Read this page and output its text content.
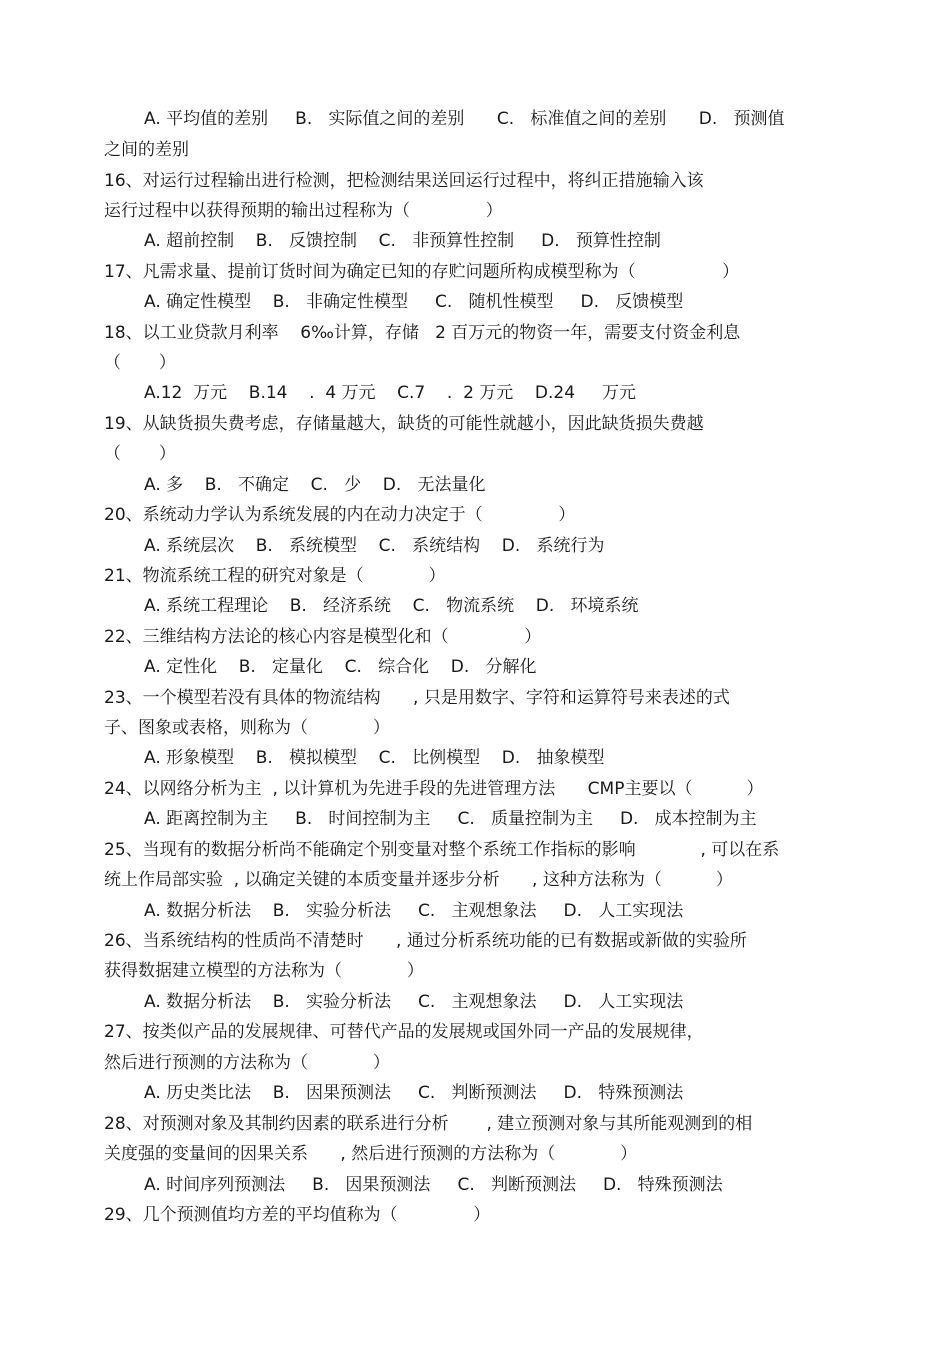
A. 平均值的差别     B.   实际值之间的差别      C.   标准值之间的差别      D.   预测值
之间的差别
16、对运行过程输出进行检测，把检测结果送回运行过程中，将纠正措施输入该
运行过程中以获得预期的输出过程称为（              ）
A. 超前控制    B.   反馈控制    C.   非预算性控制     D.   预算性控制
17、凡需求量、提前订货时间为确定已知的存贮问题所构成模型称为（                ）
A. 确定性模型    B.   非确定性模型     C.   随机性模型     D.   反馈模型
18、以工业贷款月利率    6‰计算，存储   2 百万元的物资一年，需要支付资金利息
（       ）
A.12  万元    B.14    .  4 万元    C.7    .  2 万元    D.24     万元
19、从缺货损失费考虑，存储量越大，缺货的可能性就越小，因此缺货损失费越
（       ）
A. 多    B.   不确定    C.   少    D.   无法量化
20、系统动力学认为系统发展的内在动力决定于（              ）
A. 系统层次    B.   系统模型    C.   系统结构    D.   系统行为
21、物流系统工程的研究对象是（            ）
A. 系统工程理论    B.   经济系统    C.   物流系统    D.   环境系统
22、三维结构方法论的核心内容是模型化和（              ）
A. 定性化    B.   定量化    C.   综合化    D.   分解化
23、一个模型若没有具体的物流结构      , 只是用数字、字符和运算符号来表述的式
子、图象或表格，则称为（            ）
A. 形象模型    B.   模拟模型    C.   比例模型    D.   抽象模型
24、以网络分析为主  , 以计算机为先进手段的先进管理方法      CMP主要以（          ）
A. 距离控制为主     B.   时间控制为主     C.   质量控制为主     D.   成本控制为主
25、当现有的数据分析尚不能确定个别变量对整个系统工作指标的影响            , 可以在系
统上作局部实验  , 以确定关键的本质变量并逐步分析      , 这种方法称为（          ）
A. 数据分析法    B.   实验分析法     C.   主观想象法     D.   人工实现法
26、当系统结构的性质尚不清楚时      , 通过分析系统功能的已有数据或新做的实验所
获得数据建立模型的方法称为（            ）
A. 数据分析法    B.   实验分析法     C.   主观想象法     D.   人工实现法
27、按类似产品的发展规律、可替代产品的发展规或国外同一产品的发展规律，
然后进行预测的方法称为（            ）
A. 历史类比法    B.   因果预测法     C.   判断预测法     D.   特殊预测法
28、对预测对象及其制约因素的联系进行分析       , 建立预测对象与其所能观测到的相
关度强的变量间的因果关系      , 然后进行预测的方法称为（            ）
A. 时间序列预测法     B.   因果预测法     C.   判断预测法     D.   特殊预测法
29、几个预测值均方差的平均值称为（              ）
